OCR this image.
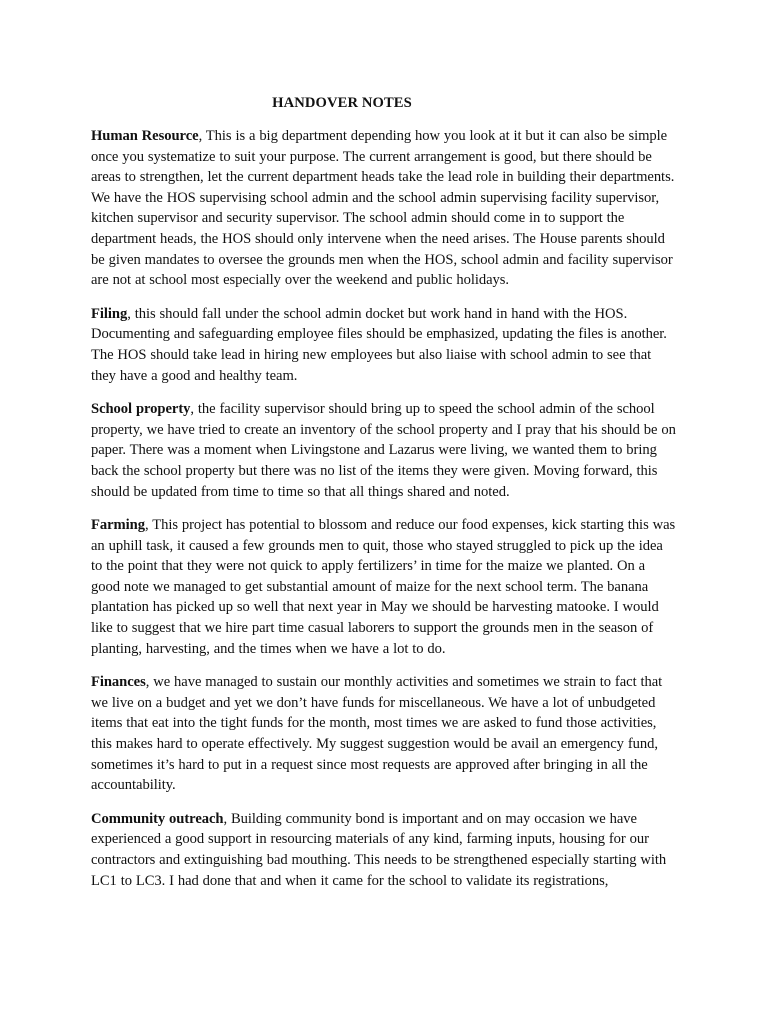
HANDOVER NOTES

Human Resource, This is a big department depending how you look at it but it can also be simple once you systematize to suit your purpose. The current arrangement is good, but there should be areas to strengthen, let the current department heads take the lead role in building their departments. We have the HOS supervising school admin and the school admin supervising facility supervisor, kitchen supervisor and security supervisor. The school admin should come in to support the department heads, the HOS should only intervene when the need arises. The House parents should be given mandates to oversee the grounds men when the HOS, school admin and facility supervisor are not at school most especially over the weekend and public holidays.

Filing, this should fall under the school admin docket but work hand in hand with the HOS. Documenting and safeguarding employee files should be emphasized, updating the files is another. The HOS should take lead in hiring new employees but also liaise with school admin to see that they have a good and healthy team.

School property, the facility supervisor should bring up to speed the school admin of the school property, we have tried to create an inventory of the school property and I pray that his should be on paper. There was a moment when Livingstone and Lazarus were living, we wanted them to bring back the school property but there was no list of the items they were given. Moving forward, this should be updated from time to time so that all things shared and noted.

Farming, This project has potential to blossom and reduce our food expenses, kick starting this was an uphill task, it caused a few grounds men to quit, those who stayed struggled to pick up the idea to the point that they were not quick to apply fertilizers’ in time for the maize we planted. On a good note we managed to get substantial amount of maize for the next school term. The banana plantation has picked up so well that next year in May we should be harvesting matooke. I would like to suggest that we hire part time casual laborers to support the grounds men in the season of planting, harvesting, and the times when we have a lot to do.

Finances, we have managed to sustain our monthly activities and sometimes we strain to fact that we live on a budget and yet we don’t have funds for miscellaneous. We have a lot of unbudgeted items that eat into the tight funds for the month, most times we are asked to fund those activities, this makes hard to operate effectively. My suggest suggestion would be avail an emergency fund, sometimes it’s hard to put in a request since most requests are approved after bringing in all the accountability.

Community outreach, Building community bond is important and on may occasion we have experienced a good support in resourcing materials of any kind, farming inputs, housing for our contractors and extinguishing bad mouthing. This needs to be strengthened especially starting with LC1 to LC3. I had done that and when it came for the school to validate its registrations,
